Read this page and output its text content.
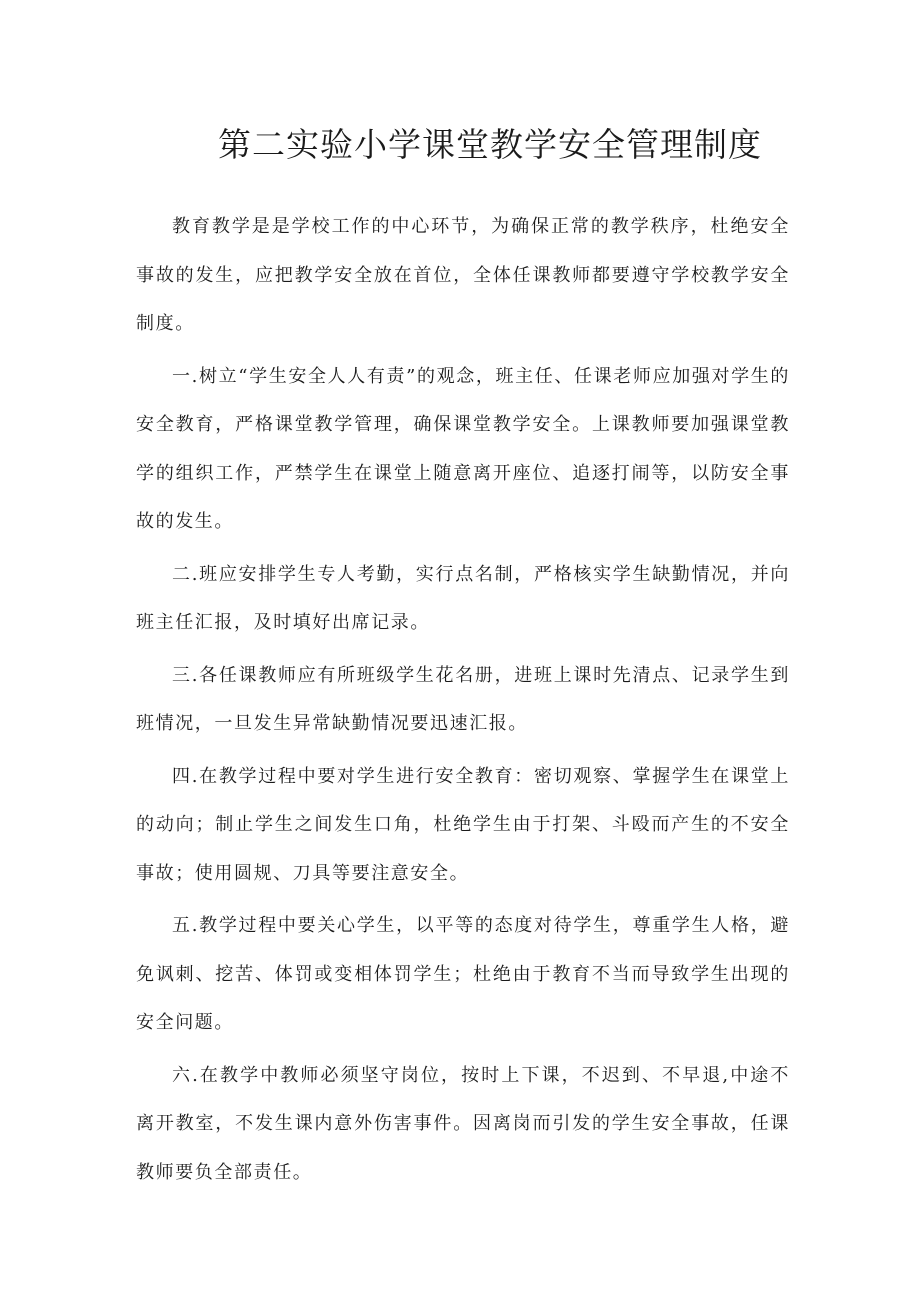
第二实验小学课堂教学安全管理制度

教育教学是是学校工作的中心环节，为确保正常的教学秩序，杜绝安全事故的发生，应把教学安全放在首位，全体任课教师都要遵守学校教学安全制度。

一.树立“学生安全人人有责”的观念，班主任、任课老师应加强对学生的安全教育，严格课堂教学管理，确保课堂教学安全。上课教师要加强课堂教学的组织工作，严禁学生在课堂上随意离开座位、追逐打闹等，以防安全事故的发生。

二.班应安排学生专人考勤，实行点名制，严格核实学生缺勤情况，并向班主任汇报，及时填好出席记录。

三.各任课教师应有所班级学生花名册，进班上课时先清点、记录学生到班情况，一旦发生异常缺勤情况要迅速汇报。

四.在教学过程中要对学生进行安全教育：密切观察、掌握学生在课堂上的动向；制止学生之间发生口角，杜绝学生由于打架、斗殴而产生的不安全事故；使用圆规、刀具等要注意安全。

五.教学过程中要关心学生，以平等的态度对待学生，尊重学生人格，避免讽刺、挖苦、体罚或变相体罚学生；杜绝由于教育不当而导致学生出现的安全问题。

六.在教学中教师必须坚守岗位，按时上下课，不迟到、不早退,中途不离开教室，不发生课内意外伤害事件。因离岗而引发的学生安全事故，任课教师要负全部责任。
